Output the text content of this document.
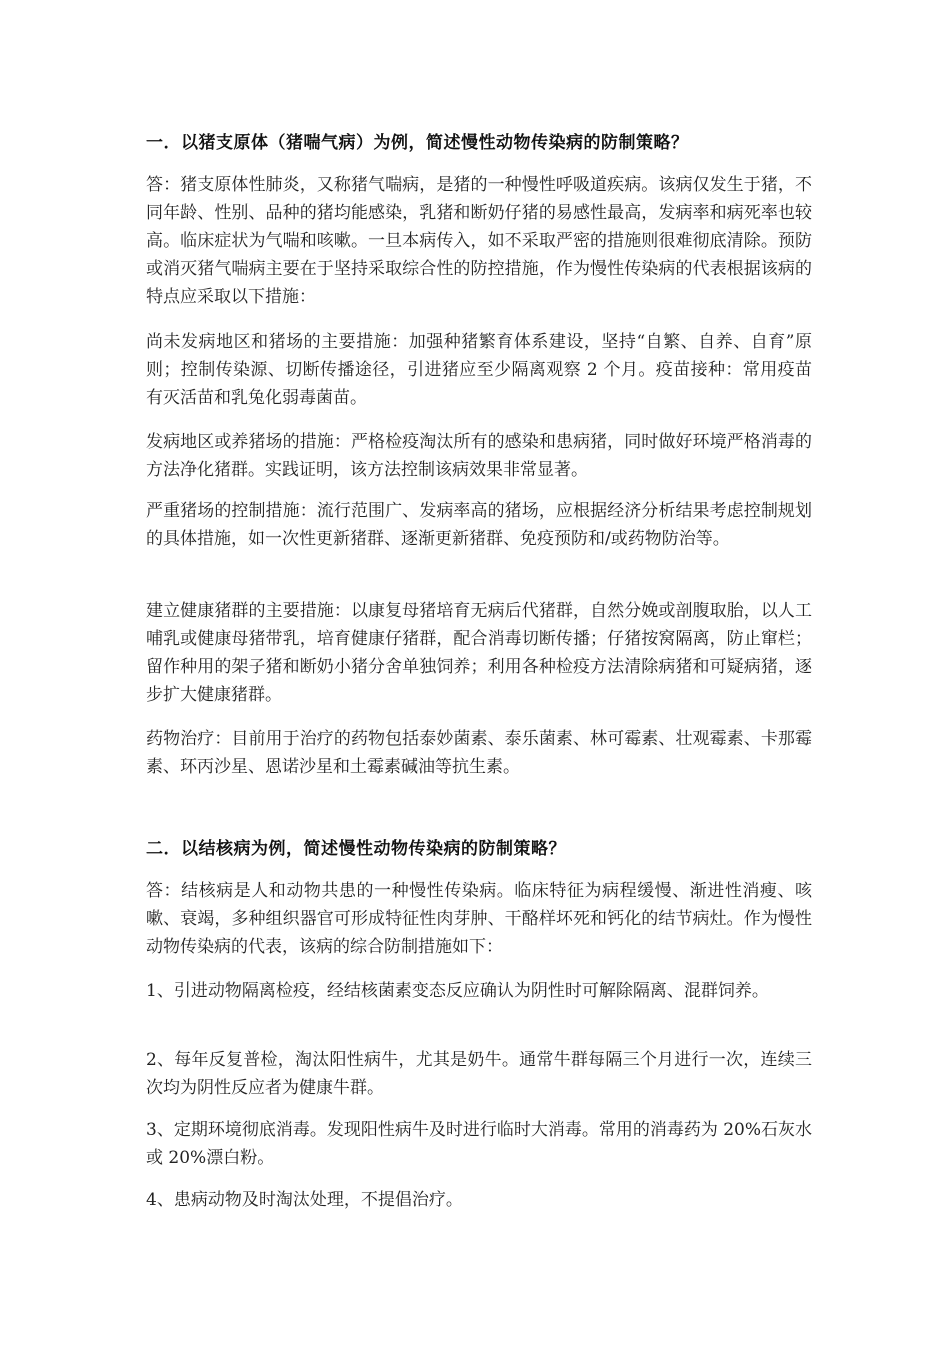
一．以猪支原体（猪喘气病）为例，简述慢性动物传染病的防制策略？

答：猪支原体性肺炎，又称猪气喘病，是猪的一种慢性呼吸道疾病。该病仅发生于猪，不同年龄、性别、品种的猪均能感染，乳猪和断奶仔猪的易感性最高，发病率和病死率也较高。临床症状为气喘和咳嗽。一旦本病传入，如不采取严密的措施则很难彻底清除。预防或消灭猪气喘病主要在于坚持采取综合性的防控措施，作为慢性传染病的代表根据该病的特点应采取以下措施：

尚未发病地区和猪场的主要措施：加强种猪繁育体系建设，坚持“自繁、自养、自育”原则；控制传染源、切断传播途径，引进猪应至少隔离观察 2 个月。疫苗接种：常用疫苗有灭活苗和乳兔化弱毒菌苗。

发病地区或养猪场的措施：严格检疫淘汰所有的感染和患病猪，同时做好环境严格消毒的方法净化猪群。实践证明，该方法控制该病效果非常显著。

严重猪场的控制措施：流行范围广、发病率高的猪场，应根据经济分析结果考虑控制规划的具体措施，如一次性更新猪群、逐渐更新猪群、免疫预防和/或药物防治等。

建立健康猪群的主要措施：以康复母猪培育无病后代猪群，自然分娩或剖腹取胎，以人工哺乳或健康母猪带乳，培育健康仔猪群，配合消毒切断传播；仔猪按窝隔离，防止窜栏；留作种用的架子猪和断奶小猪分舍单独饲养；利用各种检疫方法清除病猪和可疑病猪，逐步扩大健康猪群。

药物治疗：目前用于治疗的药物包括泰妙菌素、泰乐菌素、林可霉素、壮观霉素、卡那霉素、环丙沙星、恩诺沙星和土霉素碱油等抗生素。

二．以结核病为例，简述慢性动物传染病的防制策略？

答：结核病是人和动物共患的一种慢性传染病。临床特征为病程缓慢、渐进性消瘦、咳嗽、衰竭，多种组织器官可形成特征性肉芽肿、干酪样坏死和钙化的结节病灶。作为慢性动物传染病的代表，该病的综合防制措施如下：

1、引进动物隔离检疫，经结核菌素变态反应确认为阴性时可解除隔离、混群饲养。

2、每年反复普检，淘汰阳性病牛，尤其是奶牛。通常牛群每隔三个月进行一次，连续三次均为阴性反应者为健康牛群。

3、定期环境彻底消毒。发现阳性病牛及时进行临时大消毒。常用的消毒药为 20%石灰水或 20%漂白粉。

4、患病动物及时淘汰处理，不提倡治疗。
